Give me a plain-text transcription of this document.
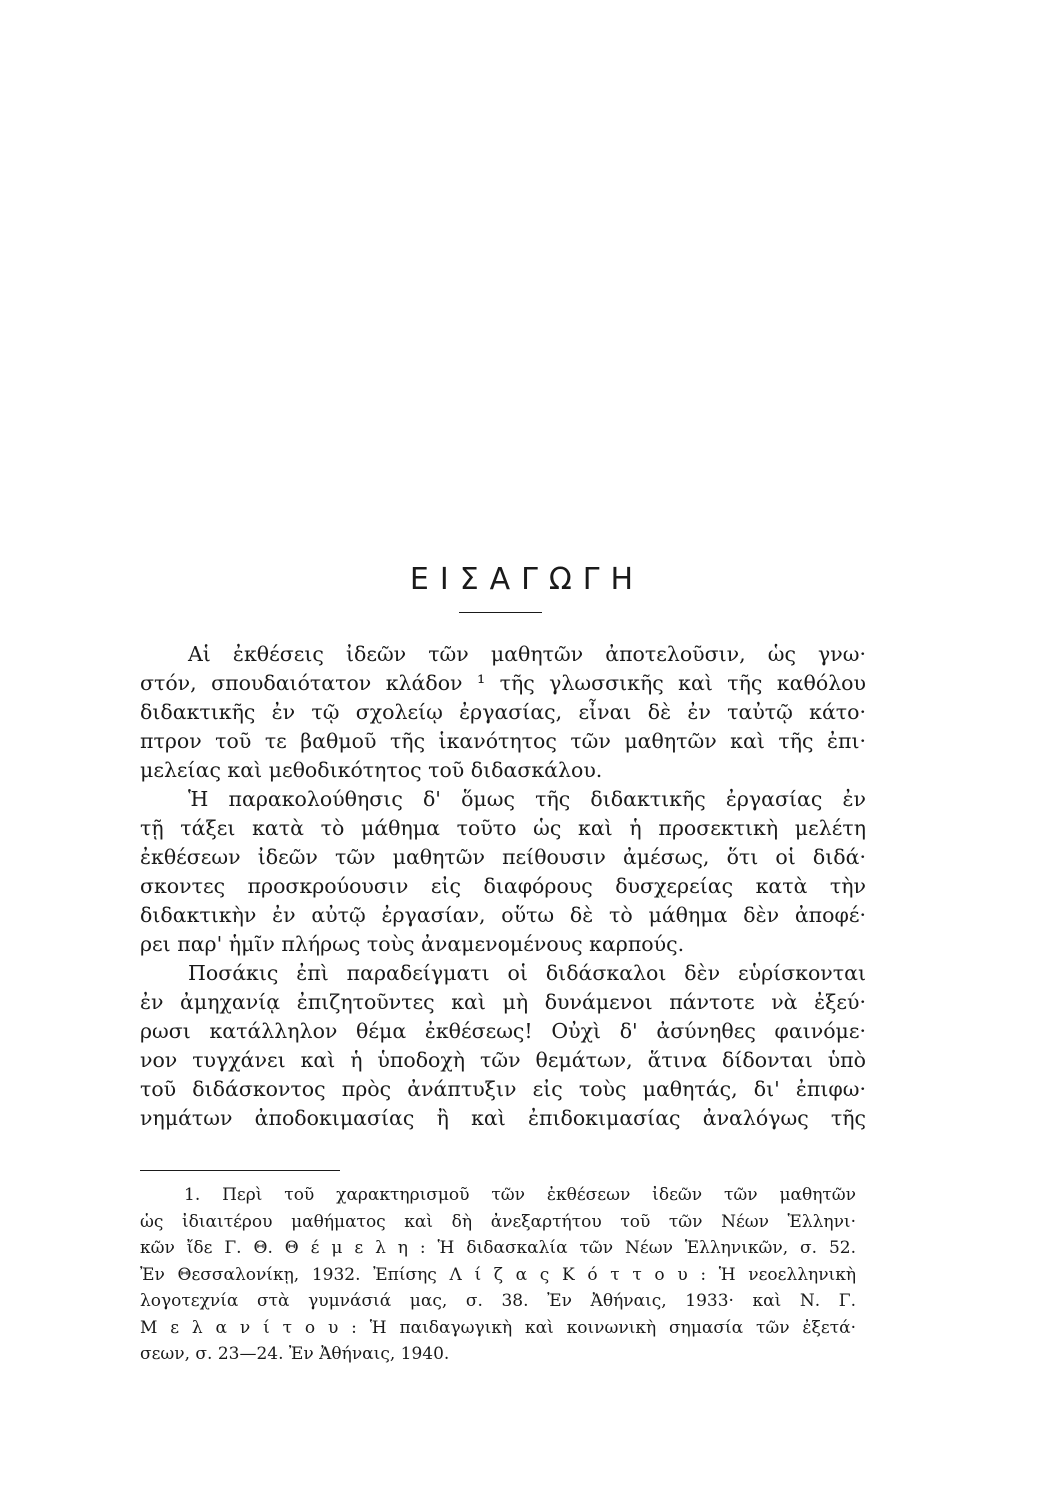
ΕΙΣΑΓΩΓΗ
Αἱ ἐκθέσεις ἰδεῶν τῶν μαθητῶν ἀποτελοῦσιν, ὡς γνω·
στόν, σπουδαιότατον κλάδον ¹ τῆς γλωσσικῆς καὶ τῆς καθόλου
διδακτικῆς ἐν τῷ σχολείῳ ἐργασίας, εἶναι δὲ ἐν ταὐτῷ κάτο·
πτρον τοῦ τε βαθμοῦ τῆς ἱκανότητος τῶν μαθητῶν καὶ τῆς ἐπι·
μελείας καὶ μεθοδικότητος τοῦ διδασκάλου.
Ἡ παρακολούθησις δ' ὅμως τῆς διδακτικῆς ἐργασίας ἐν
τῇ τάξει κατὰ τὸ μάθημα τοῦτο ὡς καὶ ἡ προσεκτικὴ μελέτη
ἐκθέσεων ἰδεῶν τῶν μαθητῶν πείθουσιν ἀμέσως, ὅτι οἱ διδά·
σκοντες προσκρούουσιν εἰς διαφόρους δυσχερείας κατὰ τὴν
διδακτικὴν ἐν αὐτῷ ἐργασίαν, οὕτω δὲ τὸ μάθημα δὲν ἀποφέ·
ρει παρ' ἡμῖν πλήρως τοὺς ἀναμενομένους καρπούς.
Ποσάκις ἐπὶ παραδείγματι οἱ διδάσκαλοι δὲν εὑρίσκονται
ἐν ἀμηχανίᾳ ἐπιζητοῦντες καὶ μὴ δυνάμενοι πάντοτε νὰ ἐξεύ·
ρωσι κατάλληλον θέμα ἐκθέσεως! Οὐχὶ δ' ἀσύνηθες φαινόμε·
νον τυγχάνει καὶ ἡ ὑποδοχὴ τῶν θεμάτων, ἅτινα δίδονται ὑπὸ
τοῦ διδάσκοντος πρὸς ἀνάπτυξιν εἰς τοὺς μαθητάς, δι' ἐπιφω·
νημάτων ἀποδοκιμασίας ἢ καὶ ἐπιδοκιμασίας ἀναλόγως τῆς
1. Περὶ τοῦ χαρακτηρισμοῦ τῶν ἐκθέσεων ἰδεῶν τῶν μαθητῶν
ὡς ἰδιαιτέρου μαθήματος καὶ δὴ ἀνεξαρτήτου τοῦ τῶν Νέων Ἑλληνι·
κῶν ἴδε Γ. Θ. Θ έ μ ε λ η : Ἡ διδασκαλία τῶν Νέων Ἑλληνικῶν, σ. 52.
Ἐν Θεσσαλονίκῃ, 1932. Ἐπίσης Λ ί ζ α ς Κ ό τ τ ο υ : Ἡ νεοελληνικὴ
λογοτεχνία στὰ γυμνάσιά μας, σ. 38. Ἐν Ἀθήναις, 1933· καὶ Ν. Γ.
Μ ε λ α ν ί τ ο υ : Ἡ παιδαγωγικὴ καὶ κοινωνικὴ σημασία τῶν ἐξετά·
σεων, σ. 23—24. Ἐν Ἀθήναις, 1940.
